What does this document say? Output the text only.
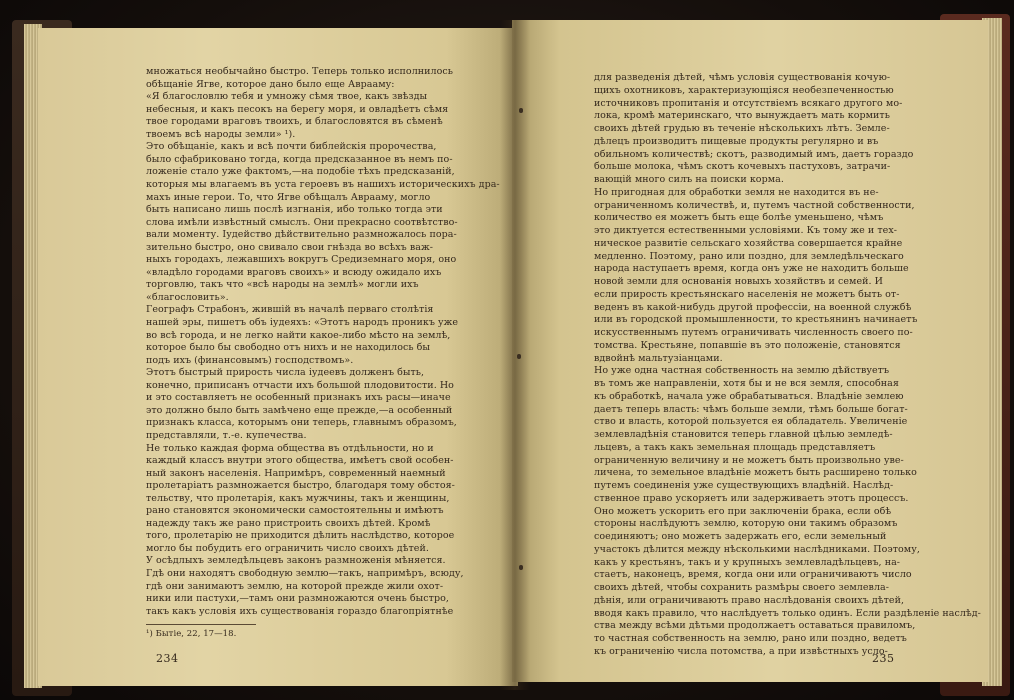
¹) Бытіе, 22, 17—18.
234
множаться необычайно быстро. Теперь только исполнилось
обѣщаніе Ягве, которое дано было еще Аврааму:
«Я благословлю тебя и умножу сѣмя твое, какъ звѣзды
небесныя, и какъ песокъ на берегу моря, и овладѣетъ сѣмя
твое городами враговъ твоихъ, и благословятся въ сѣменѣ
твоемъ всѣ народы земли» ¹).
Это обѣщаніе, какъ и всѣ почти библейскія пророчества,
было сфабриковано тогда, когда предсказанное въ немъ по-
ложеніе стало уже фактомъ,—на подобіе тѣхъ предсказаній,
которыя мы влагаемъ въ уста героевъ въ нашихъ историческихъ дра-
махъ иные герои. То, что Ягве обѣщалъ Аврааму, могло
быть написано лишь послѣ изгнанія, ибо только тогда эти
слова имѣли извѣстный смыслъ. Они прекрасно соотвѣтство-
вали моменту. Іудейство дѣйствительно размножалось пора-
зительно быстро, оно свивало свои гнѣзда во всѣхъ важ-
ныхъ городахъ, лежавшихъ вокругъ Средиземнаго моря, оно
«владѣло городами враговъ своихъ» и всюду ожидало ихъ
торговлю, такъ что «всѣ народы на землѣ» могли ихъ
«благословить».
Географъ Страбонъ, жившій въ началѣ перваго столѣтія
нашей эры, пишетъ объ іудеяхъ: «Этотъ народъ проникъ уже
во всѣ города, и не легко найти какое-либо мѣсто на землѣ,
которое было бы свободно отъ нихъ и не находилось бы
подъ ихъ (финансовымъ) господствомъ».
Этотъ быстрый прирость числа іудеевъ долженъ быть,
конечно, приписанъ отчасти ихъ большой плодовитости. Но
и это составляетъ не особенный признакъ ихъ расы—иначе
это должно было быть замѣчено еще прежде,—а особенный
признакъ класса, которымъ они теперь, главнымъ образомъ,
представляли, т.-е. купечества.
Не только каждая форма общества въ отдѣльности, но и
каждый классъ внутри этого общества, имѣетъ свой особен-
ный законъ населенія. Напримѣръ, современный наемный
пролетаріатъ размножается быстро, благодаря тому обстоя-
тельству, что пролетарія, какъ мужчины, такъ и женщины,
рано становятся экономически самостоятельны и имѣютъ
надежду такъ же рано пристроить своихъ дѣтей. Кромѣ
того, пролетарію не приходится дѣлить наслѣдство, которое
могло бы побудить его ограничить число своихъ дѣтей.
У осѣдлыхъ земледѣльцевъ законъ размноженія мѣняется.
Гдѣ они находятъ свободную землю—такъ, напримѣръ, всюду,
гдѣ они занимаютъ землю, на которой прежде жили охот-
ники или пастухи,—тамъ они размножаются очень быстро,
такъ какъ условія ихъ существованія гораздо благопріятнѣе
235
для разведенія дѣтей, чѣмъ условія существованія кочую-
щихъ охотниковъ, характеризующіяся необезпеченностью
источниковъ пропитанія и отсутствіемъ всякаго другого мо-
лока, кромѣ материнскаго, что вынуждаетъ мать кормить
своихъ дѣтей грудью въ теченіе нѣсколькихъ лѣтъ. Земле-
дѣлецъ производитъ пищевые продукты регулярно и въ
обильномъ количествѣ; скотъ, разводимый имъ, даетъ гораздо
больше молока, чѣмъ скотъ кочевыхъ пастуховъ, затрачи-
вающій много силъ на поиски корма.
Но пригодная для обработки земля не находится въ не-
ограниченномъ количествѣ, и, путемъ частной собственности,
количество ея можетъ быть еще болѣе уменьшено, чѣмъ
это диктуется естественными условіями. Къ тому же и тех-
ническое развитіе сельскаго хозяйства совершается крайне
медленно. Поэтому, рано или поздно, для земледѣльческаго
народа наступаетъ время, когда онъ уже не находитъ больше
новой земли для основанія новыхъ хозяйствъ и семей. И
если прирость крестьянскаго населенія не можетъ быть от-
веденъ въ какой-нибудь другой профессіи, на военной службѣ
или въ городской промышленности, то крестьянинъ начинаетъ
искусственнымъ путемъ ограничивать численность своего по-
томства. Крестьяне, попавшіе въ это положеніе, становятся
вдвойнѣ мальтузіанцами.
Но уже одна частная собственность на землю дѣйствуетъ
въ томъ же направленіи, хотя бы и не вся земля, способная
къ обработкѣ, начала уже обрабатываться. Владѣніе землею
даетъ теперь власть: чѣмъ больше земли, тѣмъ больше богат-
ство и власть, которой пользуется ея обладатель. Увеличеніе
землевладѣнія становится теперь главной цѣлью земледѣ-
льцевъ, а такъ какъ земельная площадь представляетъ
ограниченную величину и не можетъ быть произвольно уве-
личена, то земельное владѣніе можетъ быть расширено только
путемъ соединенія уже существующихъ владѣній. Наслѣд-
ственное право ускоряетъ или задерживаетъ этотъ процессъ.
Оно можетъ ускорить его при заключеніи брака, если обѣ
стороны наслѣдуютъ землю, которую они такимъ образомъ
соединяютъ; оно можетъ задержать его, если земельный
участокъ дѣлится между нѣсколькими наслѣдниками. Поэтому,
какъ у крестьянъ, такъ и у крупныхъ землевладѣльцевъ, на-
стаетъ, наконецъ, время, когда они или ограничиваютъ число
своихъ дѣтей, чтобы сохранить размѣры своего землевла-
дѣнія, или ограничиваютъ право наслѣдованія своихъ дѣтей,
вводя какъ правило, что наслѣдуетъ только одинъ. Если раздѣленіе наслѣд-
ства между всѣми дѣтьми продолжаетъ оставаться правиломъ,
то частная собственность на землю, рано или поздно, ведетъ
къ ограниченію числа потомства, а при извѣстныхъ усло-
